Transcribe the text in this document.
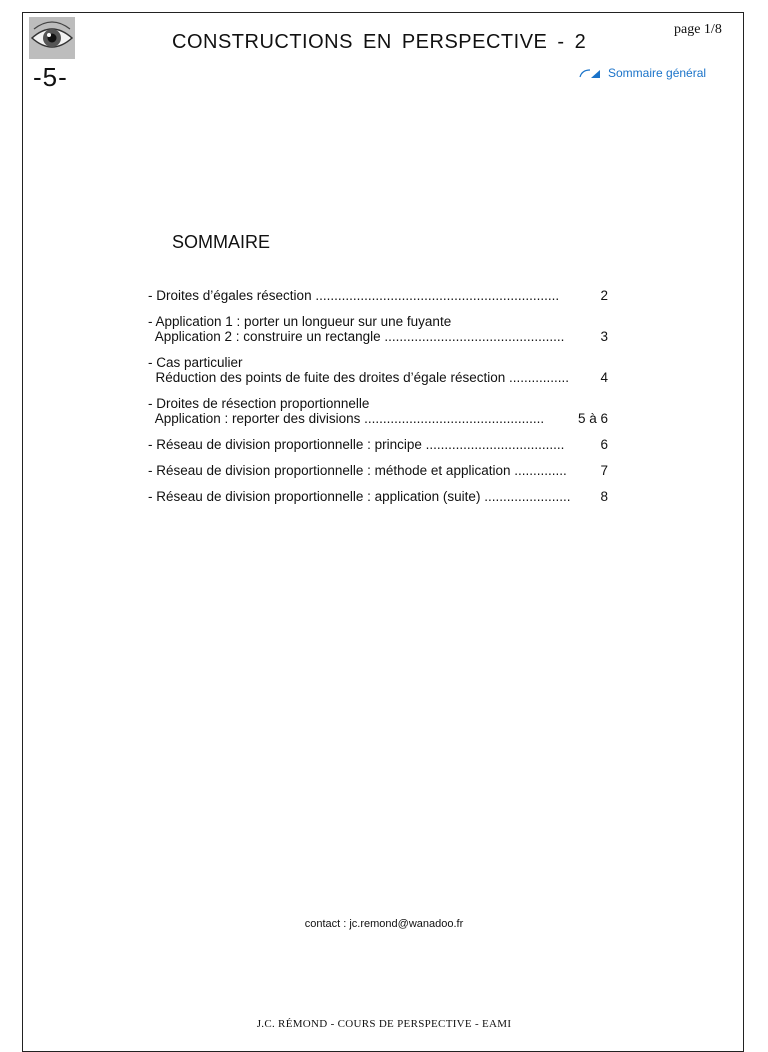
-5-
CONSTRUCTIONS EN PERSPECTIVE - 2
page 1/8
Sommaire général
SOMMAIRE
- Droites d’égales résection .................................................................	2
- Application 1 : porter un longueur sur une fuyante
Application 2 : construire un rectangle ................................................	3
- Cas particulier
Réduction des points de fuite des droites d’égale résection ................	4
- Droites de résection proportionnelle
Application : reporter des divisions ................................................	5 à 6
- Réseau de division proportionnelle : principe .....................................	6
- Réseau de division proportionnelle : méthode et application ..............	7
- Réseau de division proportionnelle : application (suite) .......................	8
contact : jc.remond@wanadoo.fr
J.C. RÉMOND - COURS DE PERSPECTIVE - EAMI
